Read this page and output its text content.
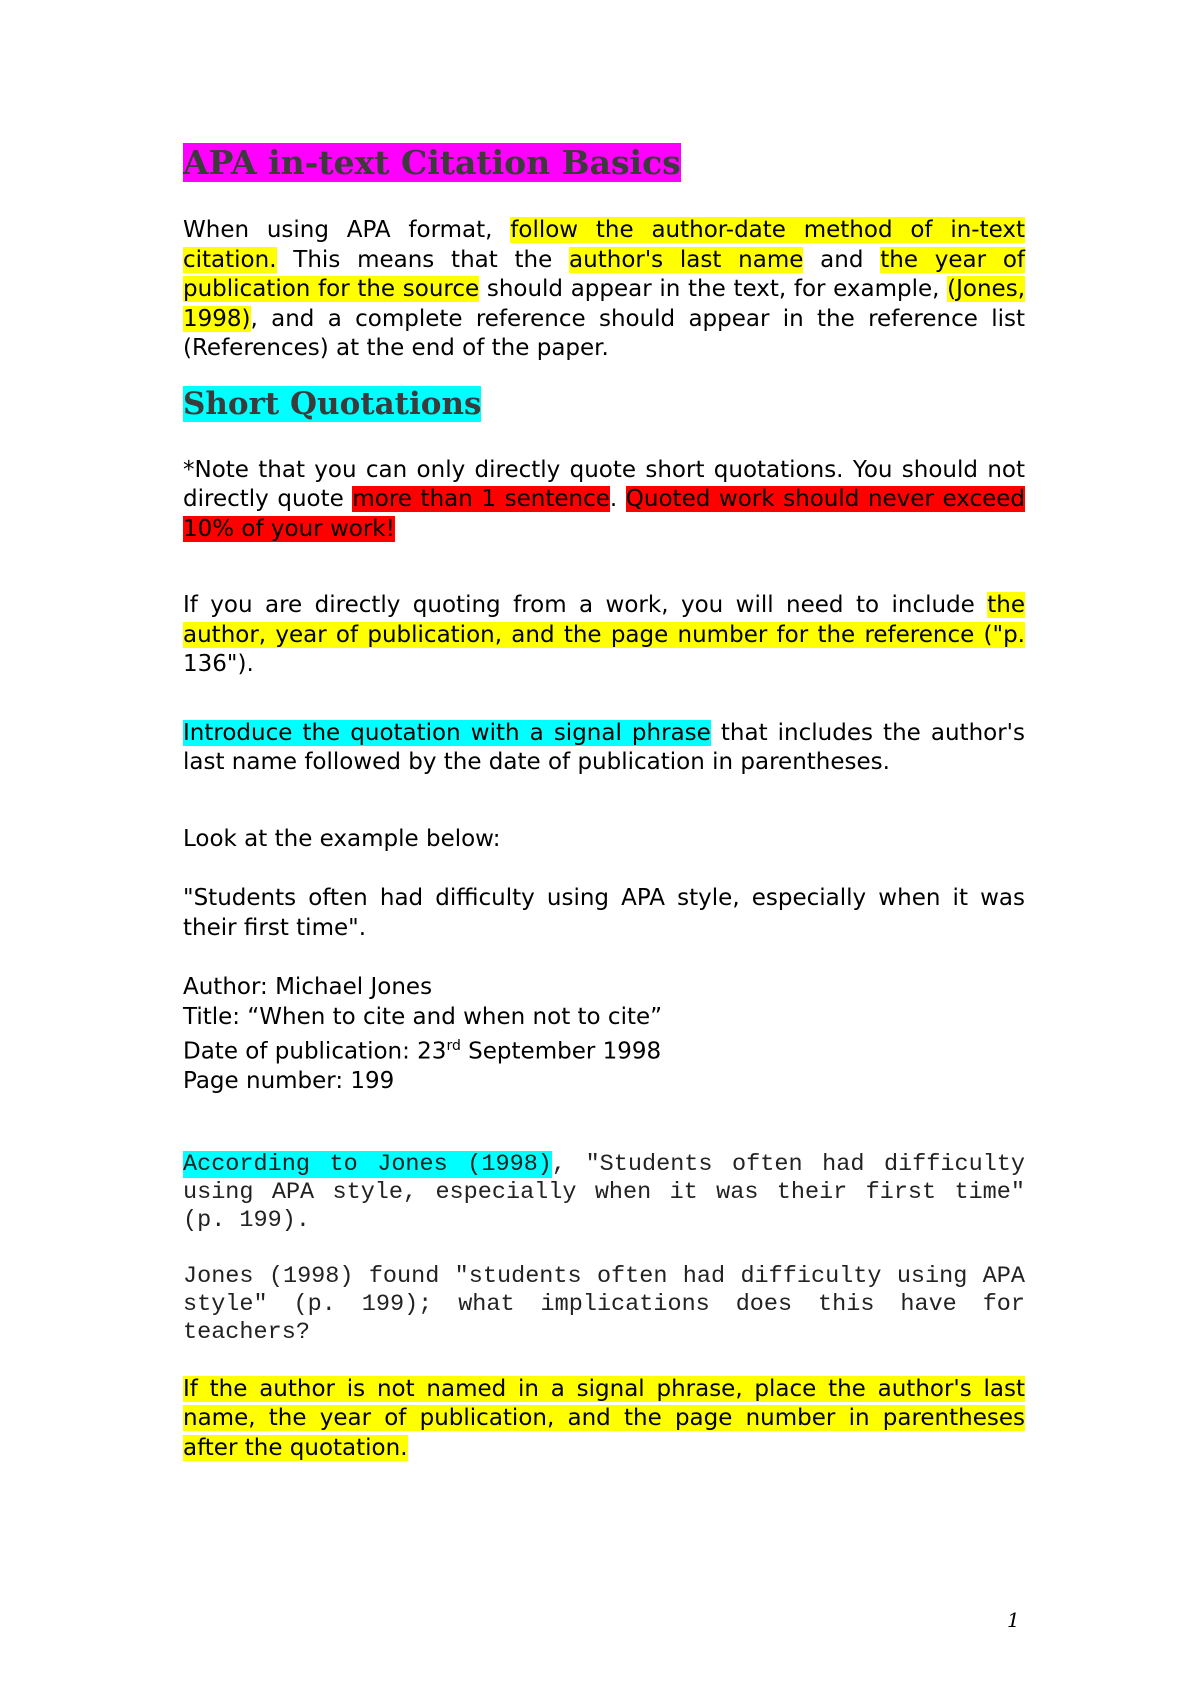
APA in-text Citation Basics

When using APA format, follow the author-date method of in-text citation. This means that the author's last name and the year of publication for the source should appear in the text, for example, (Jones, 1998), and a complete reference should appear in the reference list (References) at the end of the paper.

Short Quotations

*Note that you can only directly quote short quotations. You should not directly quote more than 1 sentence. Quoted work should never exceed 10% of your work!

If you are directly quoting from a work, you will need to include the author, year of publication, and the page number for the reference ("p. 136").

Introduce the quotation with a signal phrase that includes the author's last name followed by the date of publication in parentheses.

Look at the example below:

"Students often had difficulty using APA style, especially when it was their first time".

Author: Michael Jones

Title: “When to cite and when not to cite”

Date of publication: 23rd September 1998

Page number: 199

According to Jones (1998), "Students often had difficulty using APA style, especially when it was their first time" (p. 199).

Jones (1998) found "students often had difficulty using APA style" (p. 199); what implications does this have for teachers?

If the author is not named in a signal phrase, place the author's last name, the year of publication, and the page number in parentheses after the quotation.

1
